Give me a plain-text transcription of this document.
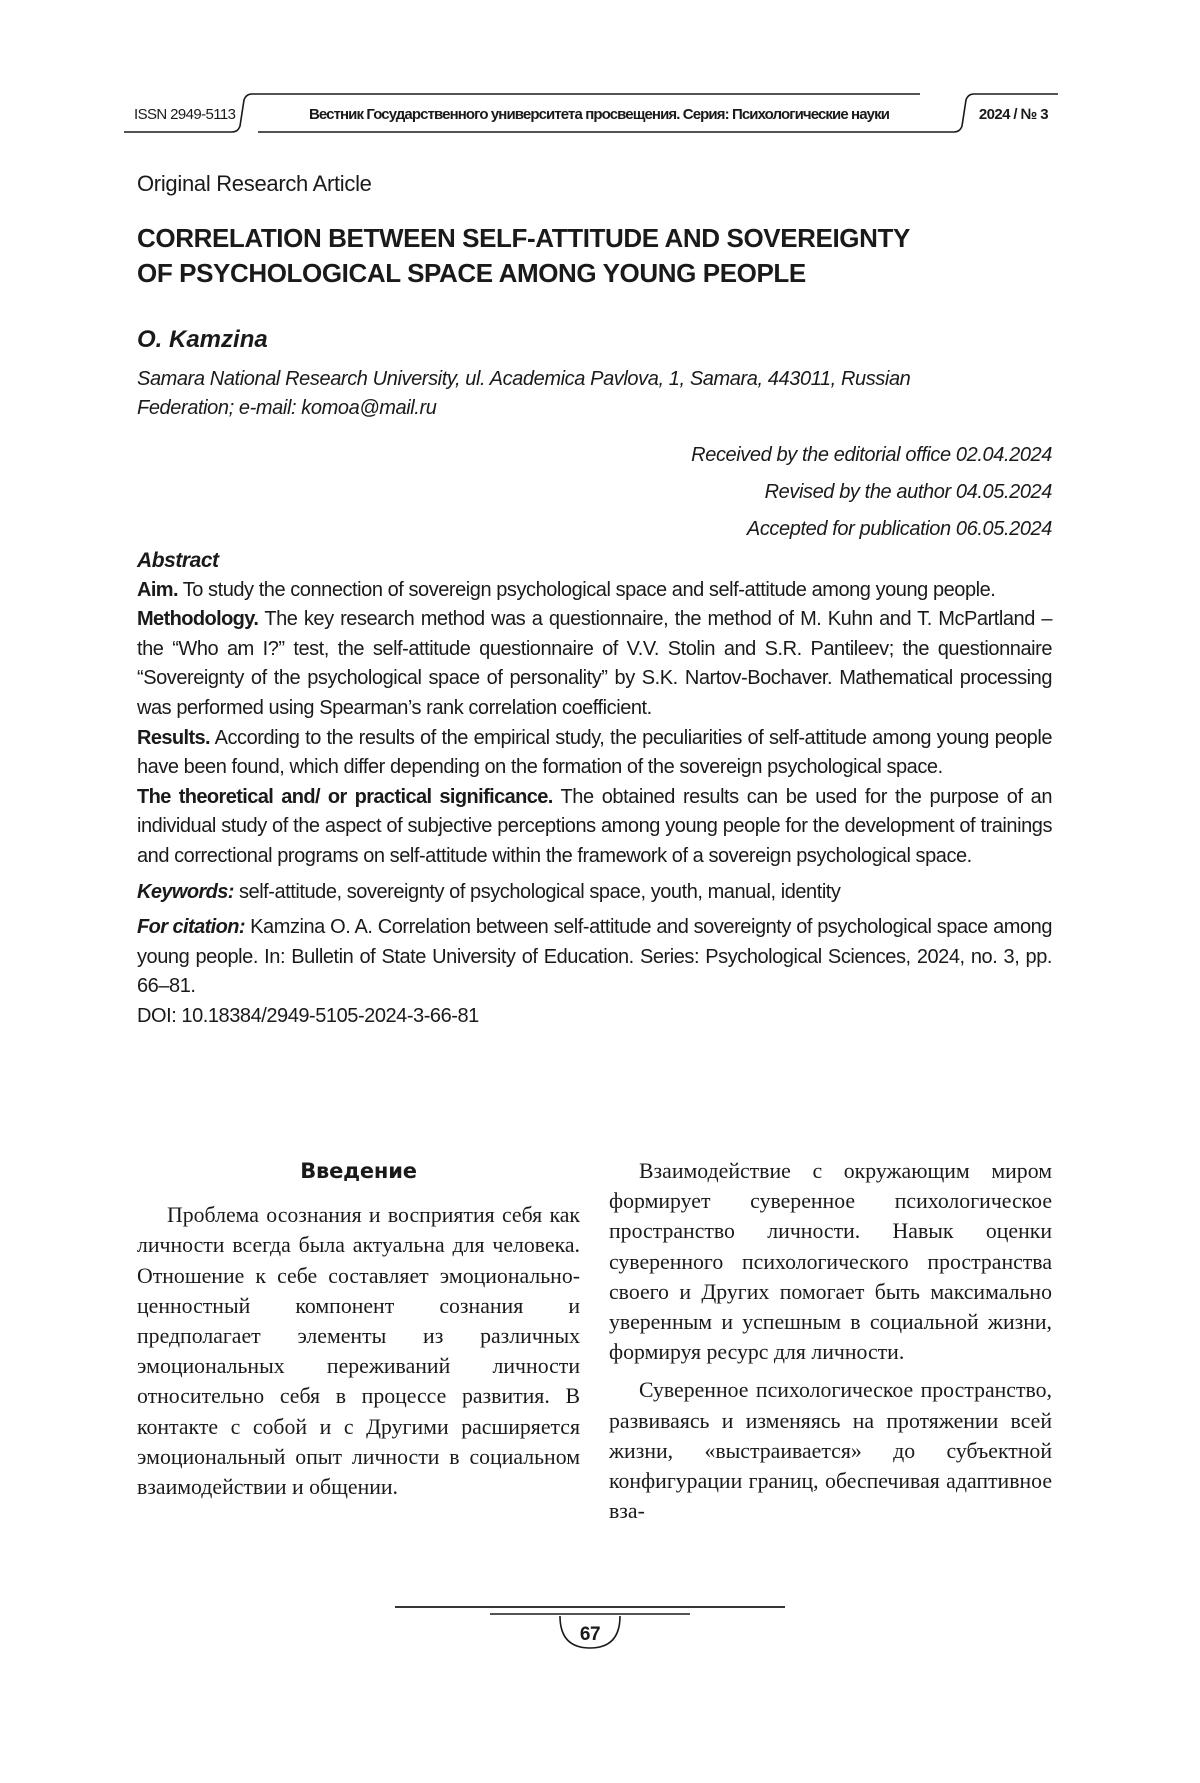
ISSN 2949-5113	Вестник Государственного университета просвещения. Серия: Психологические науки	2024 / № 3
Original Research Article
CORRELATION BETWEEN SELF-ATTITUDE AND SOVEREIGNTY
OF PSYCHOLOGICAL SPACE AMONG YOUNG PEOPLE
O. Kamzina
Samara National Research University, ul. Academica Pavlova, 1, Samara, 443011, Russian
Federation; e-mail: komoa@mail.ru
Received by the editorial office 02.04.2024
Revised by the author 04.05.2024
Accepted for publication 06.05.2024

Abstract

Aim. To study the connection of sovereign psychological space and self-attitude among young people.

Methodology. The key research method was a questionnaire, the method of M. Kuhn and T. McPartland – the “Who am I?” test, the self-attitude questionnaire of V.V. Stolin and S.R. Pantileev; the questionnaire “Sovereignty of the psychological space of personality” by S.K. Nartov-Bochaver. Mathematical processing was performed using Spearman’s rank correlation coefficient.

Results. According to the results of the empirical study, the peculiarities of self-attitude among young people have been found, which differ depending on the formation of the sovereign psychological space.

The theoretical and/ or practical significance. The obtained results can be used for the purpose of an individual study of the aspect of subjective perceptions among young people for the development of trainings and correctional programs on self-attitude within the framework of a sovereign psychological space.

Keywords: self-attitude, sovereignty of psychological space, youth, manual, identity

For citation: Kamzina O. A. Correlation between self-attitude and sovereignty of psychological space among young people. In: Bulletin of State University of Education. Series: Psychological Sciences, 2024, no. 3, pp. 66–81.

DOI: 10.18384/2949-5105-2024-3-66-81

Введение

Проблема осознания и восприятия себя как личности всегда была актуальна для человека. Отношение к себе составляет эмоционально-ценностный компонент сознания и предполагает элементы из различных эмоциональных переживаний личности относительно себя в процессе развития. В контакте с собой и с Другими расширяется эмоциональный опыт личности в социальном взаимодействии и общении.

Взаимодействие с окружающим миром формирует суверенное психологическое пространство личности. Навык оценки суверенного психологического пространства своего и Других помогает быть максимально уверенным и успешным в социальной жизни, формируя ресурс для личности.

Суверенное психологическое пространство, развиваясь и изменяясь на протяжении всей жизни, «выстраивается» до субъектной конфигурации границ, обеспечивая адаптивное вза-

67
